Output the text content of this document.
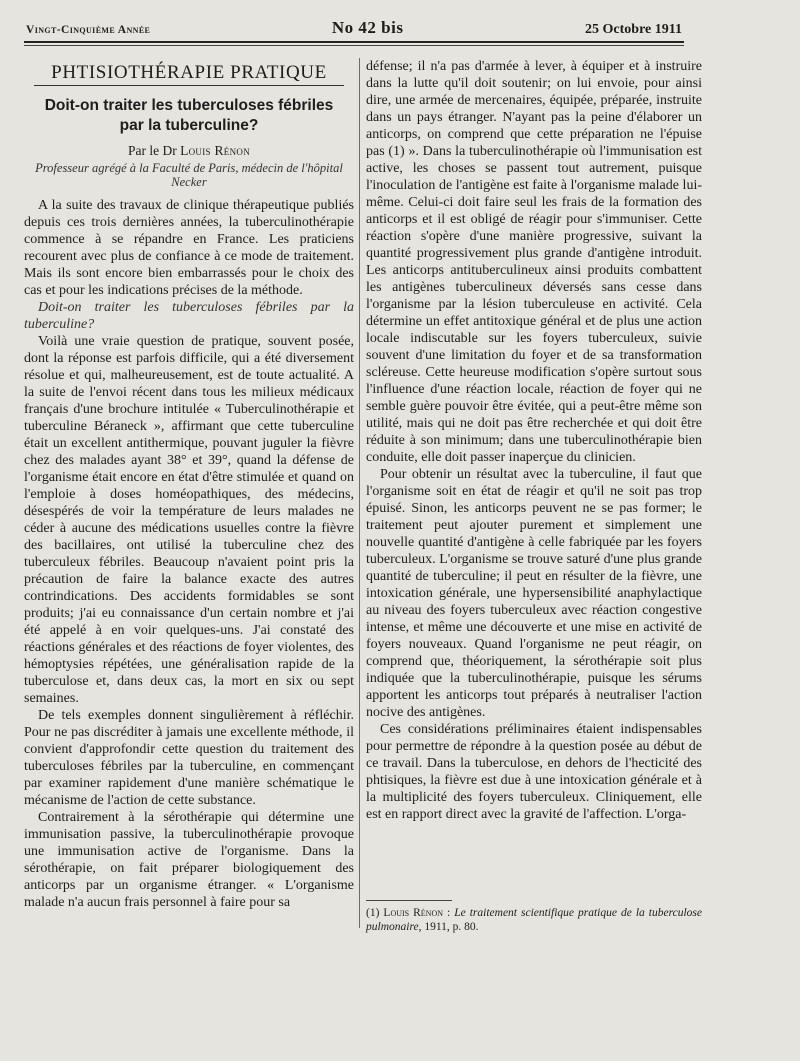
Vingt-Cinquième Année	No 42 bis	25 Octobre 1911
PHTISIOTHÉRAPIE PRATIQUE
Doit-on traiter les tuberculoses fébriles
par la tuberculine?
Par le Dr Louis Rénon
Professeur agrégé à la Faculté de Paris, médecin de l'hôpital Necker

A la suite des travaux de clinique thérapeutique publiés depuis ces trois dernières années, la tuberculinothérapie commence à se répandre en France. Les praticiens recourent avec plus de confiance à ce mode de traitement. Mais ils sont encore bien embarrassés pour le choix des cas et pour les indications précises de la méthode.

Doit-on traiter les tuberculoses fébriles par la tuberculine?

Voilà une vraie question de pratique, souvent posée, dont la réponse est parfois difficile, qui a été diversement résolue et qui, malheureusement, est de toute actualité. A la suite de l'envoi récent dans tous les milieux médicaux français d'une brochure intitulée « Tuberculinothérapie et tuberculine Béraneck », affirmant que cette tuberculine était un excellent antithermique, pouvant juguler la fièvre chez des malades ayant 38° et 39°, quand la défense de l'organisme était encore en état d'être stimulée et quand on l'emploie à doses homéopathiques, des médecins, désespérés de voir la température de leurs malades ne céder à aucune des médications usuelles contre la fièvre des bacillaires, ont utilisé la tuberculine chez des tuberculeux fébriles. Beaucoup n'avaient point pris la précaution de faire la balance exacte des autres contrindications. Des accidents formidables se sont produits; j'ai eu connaissance d'un certain nombre et j'ai été appelé à en voir quelques-uns. J'ai constaté des réactions générales et des réactions de foyer violentes, des hémoptysies répétées, une généralisation rapide de la tuberculose et, dans deux cas, la mort en six ou sept semaines.

De tels exemples donnent singulièrement à réfléchir. Pour ne pas discréditer à jamais une excellente méthode, il convient d'approfondir cette question du traitement des tuberculoses fébriles par la tuberculine, en commençant par examiner rapidement d'une manière schématique le mécanisme de l'action de cette substance.

Contrairement à la sérothérapie qui détermine une immunisation passive, la tuberculinothérapie provoque une immunisation active de l'organisme. Dans la sérothérapie, on fait préparer biologiquement des anticorps par un organisme étranger. « L'organisme malade n'a aucun frais personnel à faire pour sa

défense; il n'a pas d'armée à lever, à équiper et à instruire dans la lutte qu'il doit soutenir; on lui envoie, pour ainsi dire, une armée de mercenaires, équipée, préparée, instruite dans un pays étranger. N'ayant pas la peine d'élaborer un anticorps, on comprend que cette préparation ne l'épuise pas (1) ». Dans la tuberculinothérapie où l'immunisation est active, les choses se passent tout autrement, puisque l'inoculation de l'antigène est faite à l'organisme malade lui-même. Celui-ci doit faire seul les frais de la formation des anticorps et il est obligé de réagir pour s'immuniser. Cette réaction s'opère d'une manière progressive, suivant la quantité progressivement plus grande d'antigène introduit. Les anticorps antituberculineux ainsi produits combattent les antigènes tuberculineux déversés sans cesse dans l'organisme par la lésion tuberculeuse en activité. Cela détermine un effet antitoxique général et de plus une action locale indiscutable sur les foyers tuberculeux, suivie souvent d'une limitation du foyer et de sa transformation scléreuse. Cette heureuse modification s'opère surtout sous l'influence d'une réaction locale, réaction de foyer qui ne semble guère pouvoir être évitée, qui a peut-être même son utilité, mais qui ne doit pas être recherchée et qui doit être réduite à son minimum; dans une tuberculinothérapie bien conduite, elle doit passer inaperçue du clinicien.

Pour obtenir un résultat avec la tuberculine, il faut que l'organisme soit en état de réagir et qu'il ne soit pas trop épuisé. Sinon, les anticorps peuvent ne se pas former; le traitement peut ajouter purement et simplement une nouvelle quantité d'antigène à celle fabriquée par les foyers tuberculeux. L'organisme se trouve saturé d'une plus grande quantité de tuberculine; il peut en résulter de la fièvre, une intoxication générale, une hypersensibilité anaphylactique au niveau des foyers tuberculeux avec réaction congestive intense, et même une découverte et une mise en activité de foyers nouveaux. Quand l'organisme ne peut réagir, on comprend que, théoriquement, la sérothérapie soit plus indiquée que la tuberculinothérapie, puisque les sérums apportent les anticorps tout préparés à neutraliser l'action nocive des antigènes.

Ces considérations préliminaires étaient indispensables pour permettre de répondre à la question posée au début de ce travail. Dans la tuberculose, en dehors de l'hecticité des phtisiques, la fièvre est due à une intoxication générale et à la multiplicité des foyers tuberculeux. Cliniquement, elle est en rapport direct avec la gravité de l'affection. L'orga-

(1) Louis Rénon : Le traitement scientifique pratique de la tuberculose pulmonaire, 1911, p. 80.
